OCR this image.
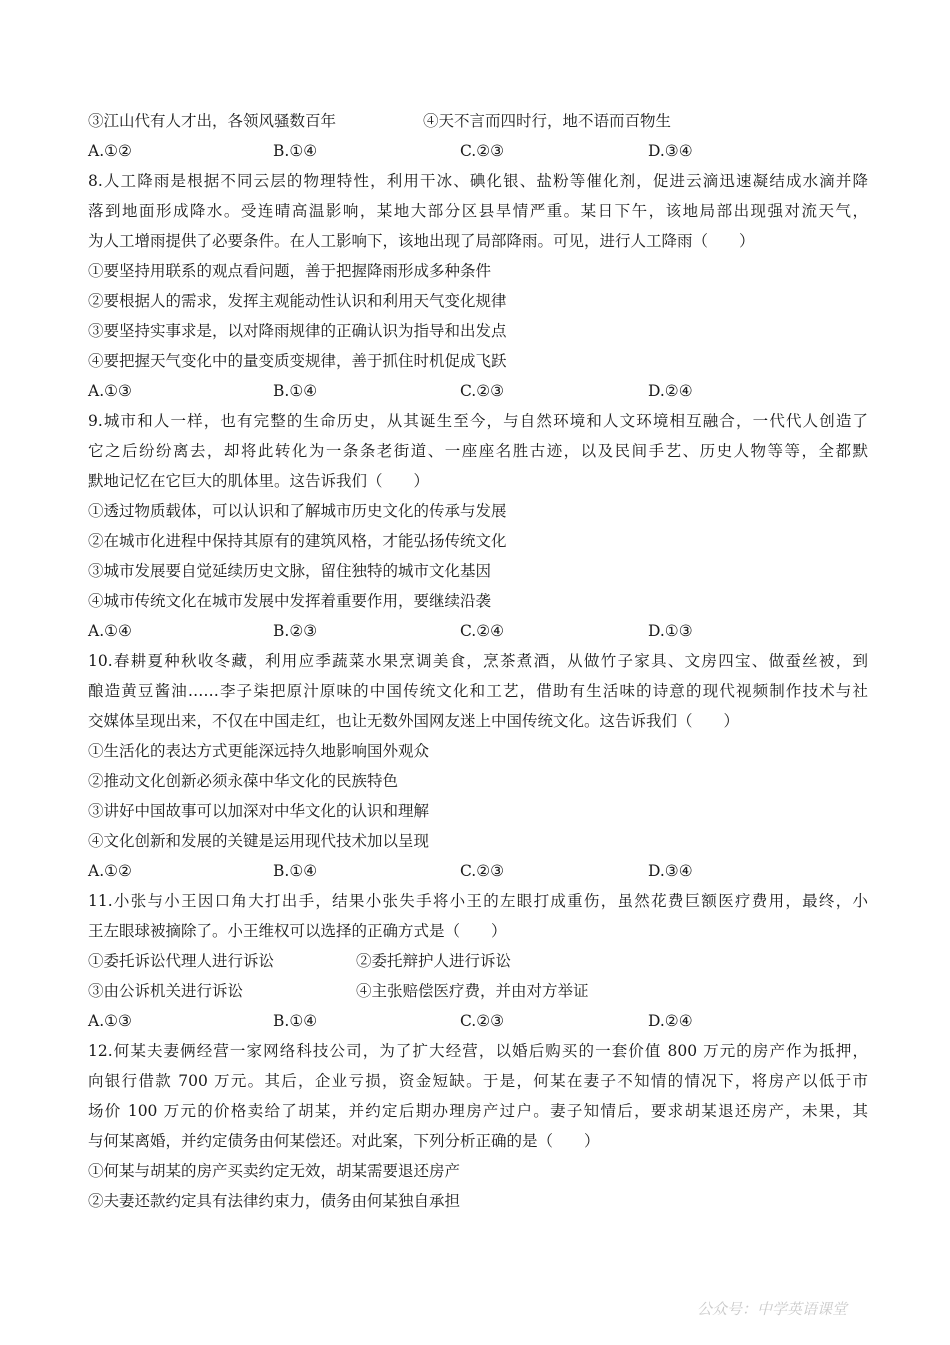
③江山代有人才出，各领风骚数百年	④天不言而四时行，地不语而百物生
A.①②	B.①④	C.②③	D.③④
8.人工降雨是根据不同云层的物理特性，利用干冰、碘化银、盐粉等催化剂，促进云滴迅速凝结成水滴并降
落到地面形成降水。受连晴高温影响，某地大部分区县旱情严重。某日下午，该地局部出现强对流天气，
为人工增雨提供了必要条件。在人工影响下，该地出现了局部降雨。可见，进行人工降雨（　　）
①要坚持用联系的观点看问题，善于把握降雨形成多种条件
②要根据人的需求，发挥主观能动性认识和利用天气变化规律
③要坚持实事求是，以对降雨规律的正确认识为指导和出发点
④要把握天气变化中的量变质变规律，善于抓住时机促成飞跃
A.①③	B.①④	C.②③	D.②④
9.城市和人一样，也有完整的生命历史，从其诞生至今，与自然环境和人文环境相互融合，一代代人创造了
它之后纷纷离去，却将此转化为一条条老街道、一座座名胜古迹，以及民间手艺、历史人物等等，全都默
默地记忆在它巨大的肌体里。这告诉我们（　　）
①透过物质载体，可以认识和了解城市历史文化的传承与发展
②在城市化进程中保持其原有的建筑风格，才能弘扬传统文化
③城市发展要自觉延续历史文脉，留住独特的城市文化基因
④城市传统文化在城市发展中发挥着重要作用，要继续沿袭
A.①④	B.②③	C.②④	D.①③
10.春耕夏种秋收冬藏，利用应季蔬菜水果烹调美食，烹茶煮酒，从做竹子家具、文房四宝、做蚕丝被，到
酿造黄豆酱油……李子柒把原汁原味的中国传统文化和工艺，借助有生活味的诗意的现代视频制作技术与社
交媒体呈现出来，不仅在中国走红，也让无数外国网友迷上中国传统文化。这告诉我们（　　）
①生活化的表达方式更能深远持久地影响国外观众
②推动文化创新必须永葆中华文化的民族特色
③讲好中国故事可以加深对中华文化的认识和理解
④文化创新和发展的关键是运用现代技术加以呈现
A.①②	B.①④	C.②③	D.③④
11.小张与小王因口角大打出手，结果小张失手将小王的左眼打成重伤，虽然花费巨额医疗费用，最终，小
王左眼球被摘除了。小王维权可以选择的正确方式是（　　）
①委托诉讼代理人进行诉讼	②委托辩护人进行诉讼
③由公诉机关进行诉讼	④主张赔偿医疗费，并由对方举证
A.①③	B.①④	C.②③	D.②④
12.何某夫妻俩经营一家网络科技公司，为了扩大经营，以婚后购买的一套价值 800 万元的房产作为抵押，
向银行借款 700 万元。其后，企业亏损，资金短缺。于是，何某在妻子不知情的情况下，将房产以低于市
场价 100 万元的价格卖给了胡某，并约定后期办理房产过户。妻子知情后，要求胡某退还房产，未果，其
与何某离婚，并约定债务由何某偿还。对此案，下列分析正确的是（　　）
①何某与胡某的房产买卖约定无效，胡某需要退还房产
②夫妻还款约定具有法律约束力，债务由何某独自承担
公众号：中学英语课堂
